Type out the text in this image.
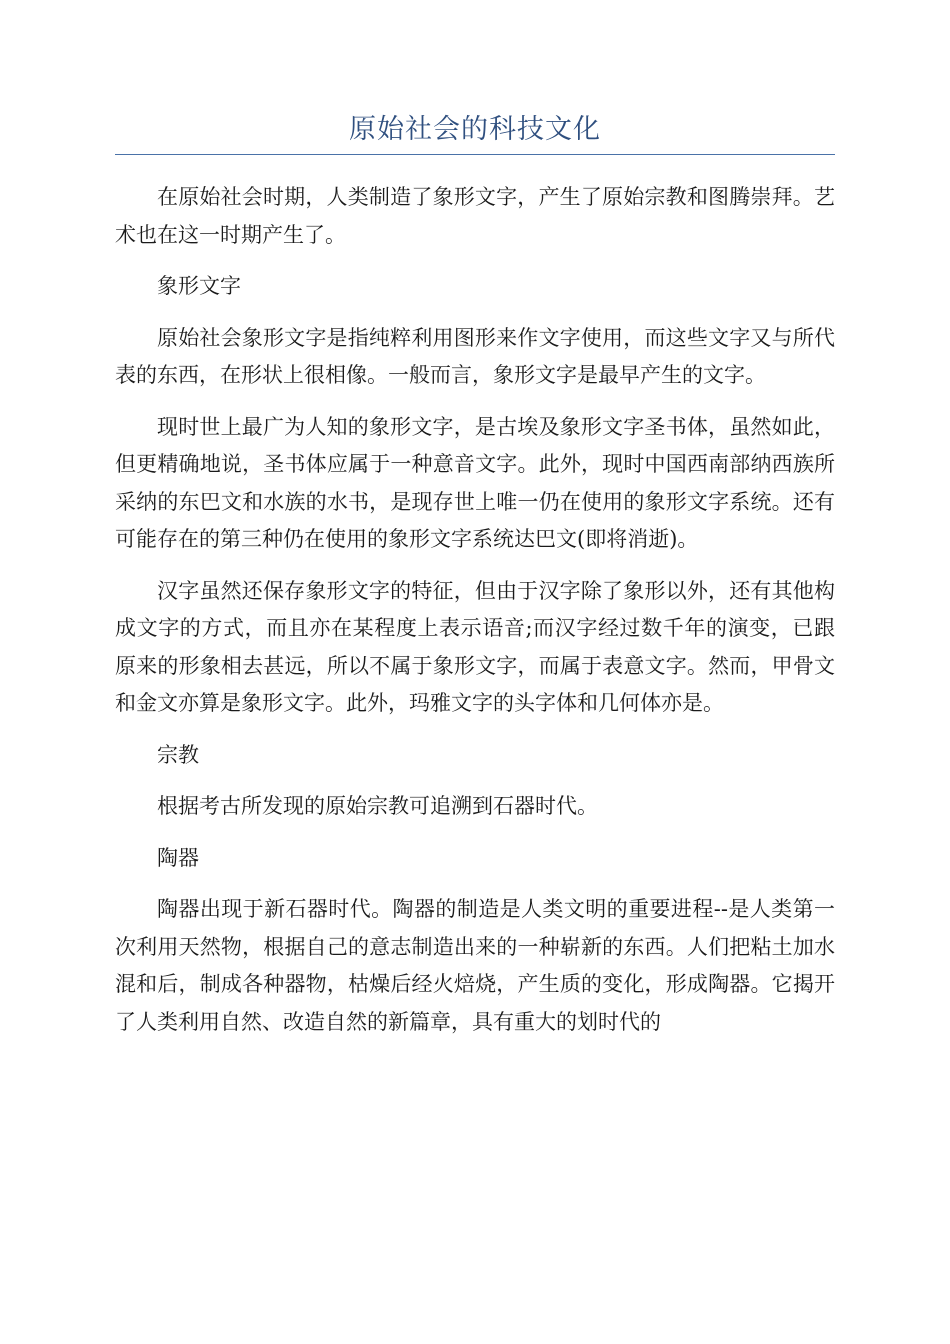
原始社会的科技文化

在原始社会时期，人类制造了象形文字，产生了原始宗教和图腾崇拜。艺术也在这一时期产生了。

象形文字

原始社会象形文字是指纯粹利用图形来作文字使用，而这些文字又与所代表的东西，在形状上很相像。一般而言，象形文字是最早产生的文字。

现时世上最广为人知的象形文字，是古埃及象形文字圣书体，虽然如此，但更精确地说，圣书体应属于一种意音文字。此外，现时中国西南部纳西族所采纳的东巴文和水族的水书，是现存世上唯一仍在使用的象形文字系统。还有可能存在的第三种仍在使用的象形文字系统达巴文(即将消逝)。

汉字虽然还保存象形文字的特征，但由于汉字除了象形以外，还有其他构成文字的方式，而且亦在某程度上表示语音;而汉字经过数千年的演变，已跟原来的形象相去甚远，所以不属于象形文字，而属于表意文字。然而，甲骨文和金文亦算是象形文字。此外，玛雅文字的头字体和几何体亦是。

宗教

根据考古所发现的原始宗教可追溯到石器时代。

陶器

陶器出现于新石器时代。陶器的制造是人类文明的重要进程--是人类第一次利用天然物，根据自己的意志制造出来的一种崭新的东西。人们把粘土加水混和后，制成各种器物，枯燥后经火焙烧，产生质的变化，形成陶器。它揭开了人类利用自然、改造自然的新篇章，具有重大的划时代的
